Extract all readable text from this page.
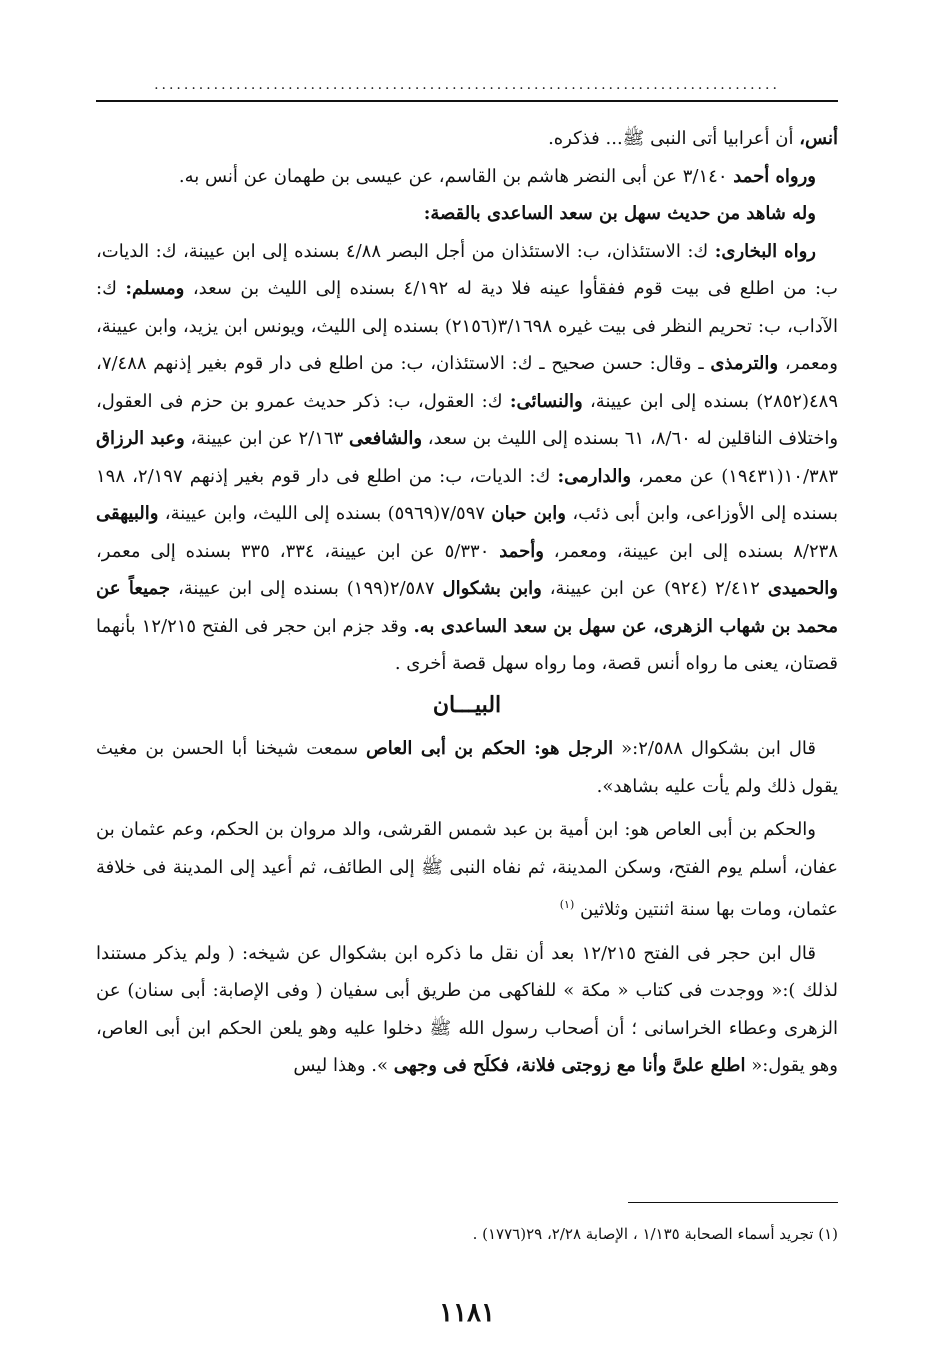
....................................................................................

أنس، أن أعرابيا أتى النبى ﷺ... فذكره.

ورواه أحمد ٣/١٤٠ عن أبى النضر هاشم بن القاسم، عن عيسى بن طهمان عن أنس به.

وله شاهد من حديث سهل بن سعد الساعدى بالقصة:

رواه البخارى: ك: الاستئذان، ب: الاستئذان من أجل البصر ٤/٨٨ بسنده إلى ابن عيينة، ك: الديات، ب: من اطلع فى بيت قوم ففقأوا عينه فلا دية له ٤/١٩٢ بسنده إلى الليث بن سعد، ومسلم: ك: الآداب، ب: تحريم النظر فى بيت غيره ٣/١٦٩٨(٢١٥٦) بسنده إلى الليث، ويونس ابن يزيد، وابن عيينة، ومعمر، والترمذى ـ وقال: حسن صحيح ـ ك: الاستئذان، ب: من اطلع فى دار قوم بغير إذنهم ٧/٤٨٨، ٤٨٩(٢٨٥٢) بسنده إلى ابن عيينة، والنسائى: ك: العقول، ب: ذكر حديث عمرو بن حزم فى العقول، واختلاف الناقلين له ٨/٦٠، ٦١ بسنده إلى الليث بن سعد، والشافعى ٢/١٦٣ عن ابن عيينة، وعبد الرزاق ١٠/٣٨٣(١٩٤٣١) عن معمر، والدارمى: ك: الديات، ب: من اطلع فى دار قوم بغير إذنهم ٢/١٩٧، ١٩٨ بسنده إلى الأوزاعى، وابن أبى ذئب، وابن حبان ٧/٥٩٧(٥٩٦٩) بسنده إلى الليث، وابن عيينة، والبيهقى ٨/٢٣٨ بسنده إلى ابن عيينة، ومعمر، وأحمد ٥/٣٣٠ عن ابن عيينة، ٣٣٤، ٣٣٥ بسنده إلى معمر، والحميدى ٢/٤١٢ (٩٢٤) عن ابن عيينة، وابن بشكوال ٢/٥٨٧(١٩٩) بسنده إلى ابن عيينة، جميعاً عن محمد بن شهاب الزهرى، عن سهل بن سعد الساعدى به. وقد جزم ابن حجر فى الفتح ١٢/٢١٥ بأنهما قصتان، يعنى ما رواه أنس قصة، وما رواه سهل قصة أخرى .

البيـــان

قال ابن بشكوال ٢/٥٨٨:« الرجل هو: الحكم بن أبى العاص سمعت شيخنا أبا الحسن بن مغيث يقول ذلك ولم يأت عليه بشاهد».

والحكم بن أبى العاص هو: ابن أمية بن عبد شمس القرشى، والد مروان بن الحكم، وعم عثمان بن عفان، أسلم يوم الفتح، وسكن المدينة، ثم نفاه النبى ﷺ إلى الطائف، ثم أعيد إلى المدينة فى خلافة عثمان، ومات بها سنة اثنتين وثلاثين $^{(١)}$

قال ابن حجر فى الفتح ١٢/٢١٥ بعد أن نقل ما ذكره ابن بشكوال عن شيخه: ( ولم يذكر مستندا لذلك ):« ووجدت فى كتاب « مكة » للفاكهى من طريق أبى سفيان ( وفى الإصابة: أبى سنان) عن الزهرى وعطاء الخراسانى ؛ أن أصحاب رسول الله ﷺ دخلوا عليه وهو يلعن الحكم ابن أبى العاص، وهو يقول:« اطلع علىَّ وأنا مع زوجتى فلانة، فكلَح فى وجهى ». وهذا ليس

(١) تجريد أسماء الصحابة ١/١٣٥ ، الإصابة ٢/٢٨، ٢٩(١٧٧٦) .
١١٨١
